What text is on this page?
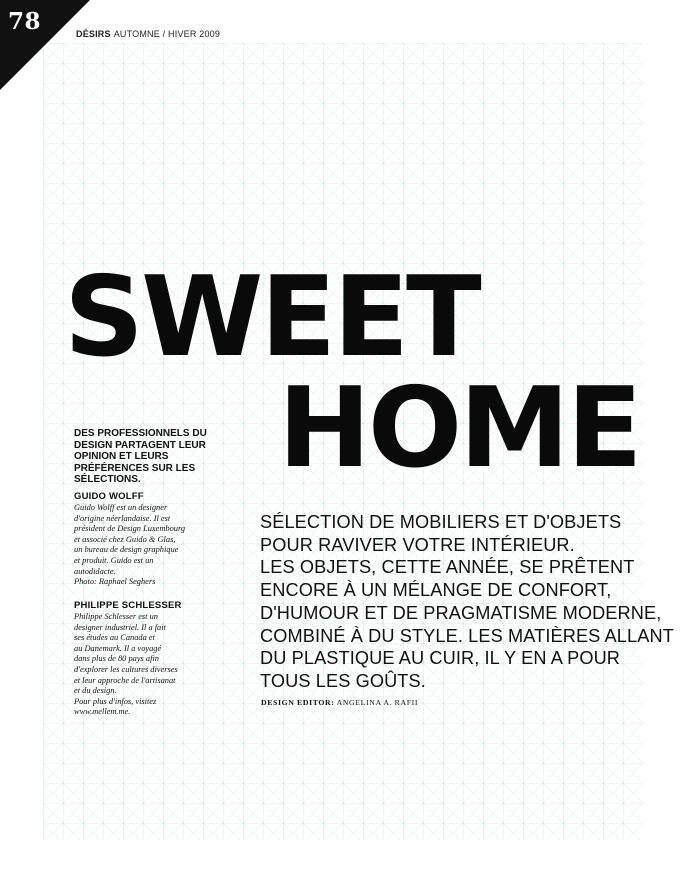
78	DÉSIRS AUTOMNE / HIVER 2009
SWEET
HOME
DES PROFESSIONNELS DU DESIGN PARTAGENT LEUR OPINION ET LEURS PRÉFÉRENCES SUR LES SÉLECTIONS.
GUIDO WOLFF
Guido Wolff est un designer
d'origine néerlandaise. Il est
président de Design Luxembourg
et associé chez Guido & Glas,
un bureau de design graphique
et produit. Guido est un
autodidacte.
Photo: Raphael Seghers
PHILIPPE SCHLESSER
Philippe Schlesser est un
designer industriel. Il a fait
ses études au Canada et
au Danemark. Il a voyagé
dans plus de 80 pays afin
d'explorer les cultures diverses
et leur approche de l'artisanat
et du design.
Pour plus d'infos, visitez
www.mellem.me.
SÉLECTION DE MOBILIERS ET D'OBJETS
POUR RAVIVER VOTRE INTÉRIEUR.
LES OBJETS, CETTE ANNÉE, SE PRÊTENT
ENCORE À UN MÉLANGE DE CONFORT,
D'HUMOUR ET DE PRAGMATISME MODERNE,
COMBINÉ À DU STYLE. LES MATIÈRES ALLANT
DU PLASTIQUE AU CUIR, IL Y EN A POUR
TOUS LES GOÛTS.
DESIGN EDITOR: ANGELINA A. RAFII
